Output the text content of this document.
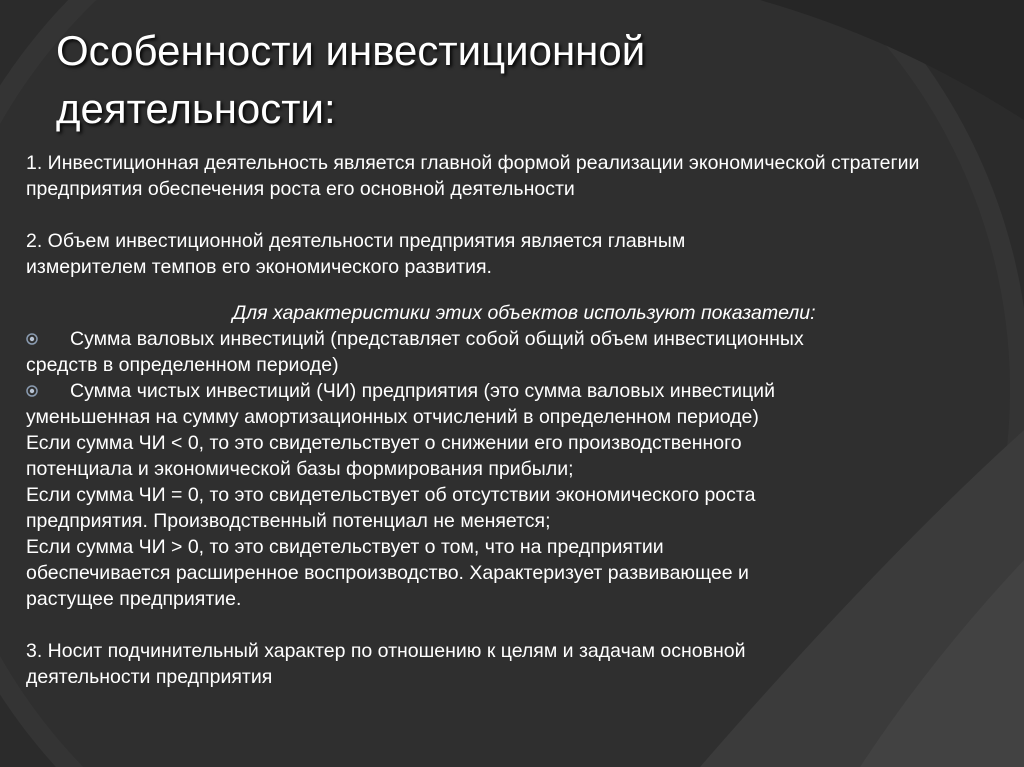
Особенности инвестиционной деятельности:

1. Инвестиционная деятельность является главной формой реализации экономической стратегии предприятия обеспечения роста его основной деятельности

2. Объем инвестиционной деятельности предприятия является главным

измерителем темпов его экономического развития.

Для характеристики этих объектов используют показатели:

Сумма валовых инвестиций (представляет собой общий объем инвестиционных

средств в определенном периоде)

Сумма чистых инвестиций (ЧИ) предприятия (это сумма валовых инвестиций

уменьшенная на сумму амортизационных отчислений в определенном периоде)

Если сумма ЧИ < 0, то это свидетельствует о снижении его производственного

потенциала и экономической базы формирования прибыли;

Если сумма ЧИ = 0, то это свидетельствует об отсутствии экономического роста

предприятия. Производственный потенциал не меняется;

Если сумма ЧИ > 0, то это свидетельствует о том, что на предприятии

обеспечивается расширенное воспроизводство. Характеризует развивающее и

растущее предприятие.

3. Носит подчинительный характер по отношению к целям и задачам основной

деятельности предприятия
